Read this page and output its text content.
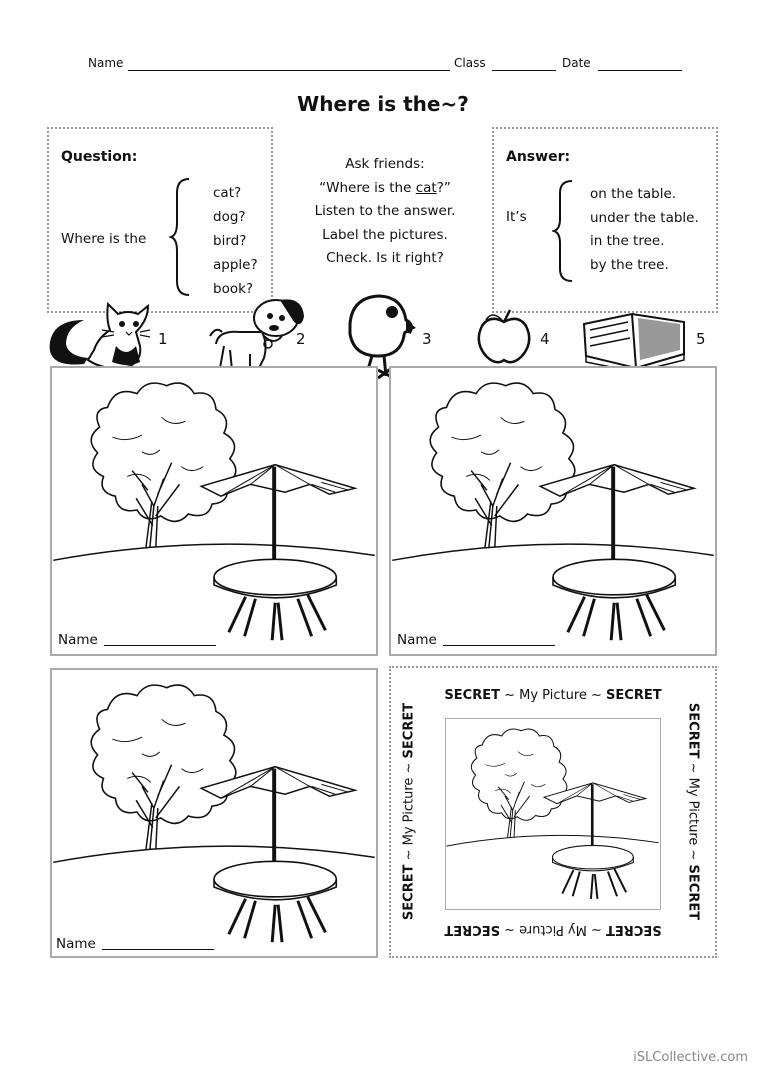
Name	Class	Date
Where is the~?
Question:
Where is the
cat?
dog?
bird?
apple?
book?
Ask friends:
“Where is the cat?”
Listen to the answer.
Label the pictures.
Check. Is it right?
Answer:
It’s
on the table.
under the table.
in the tree.
by the tree.
1	2	3	4	5
Name	Name
Name
SECRET ~ My Picture ~ SECRET
SECRET ~ My Picture ~ SECRET
SECRET ~ My Picture ~ SECRET	SECRET ~ My Picture ~ SECRET
iSLCollective.com
